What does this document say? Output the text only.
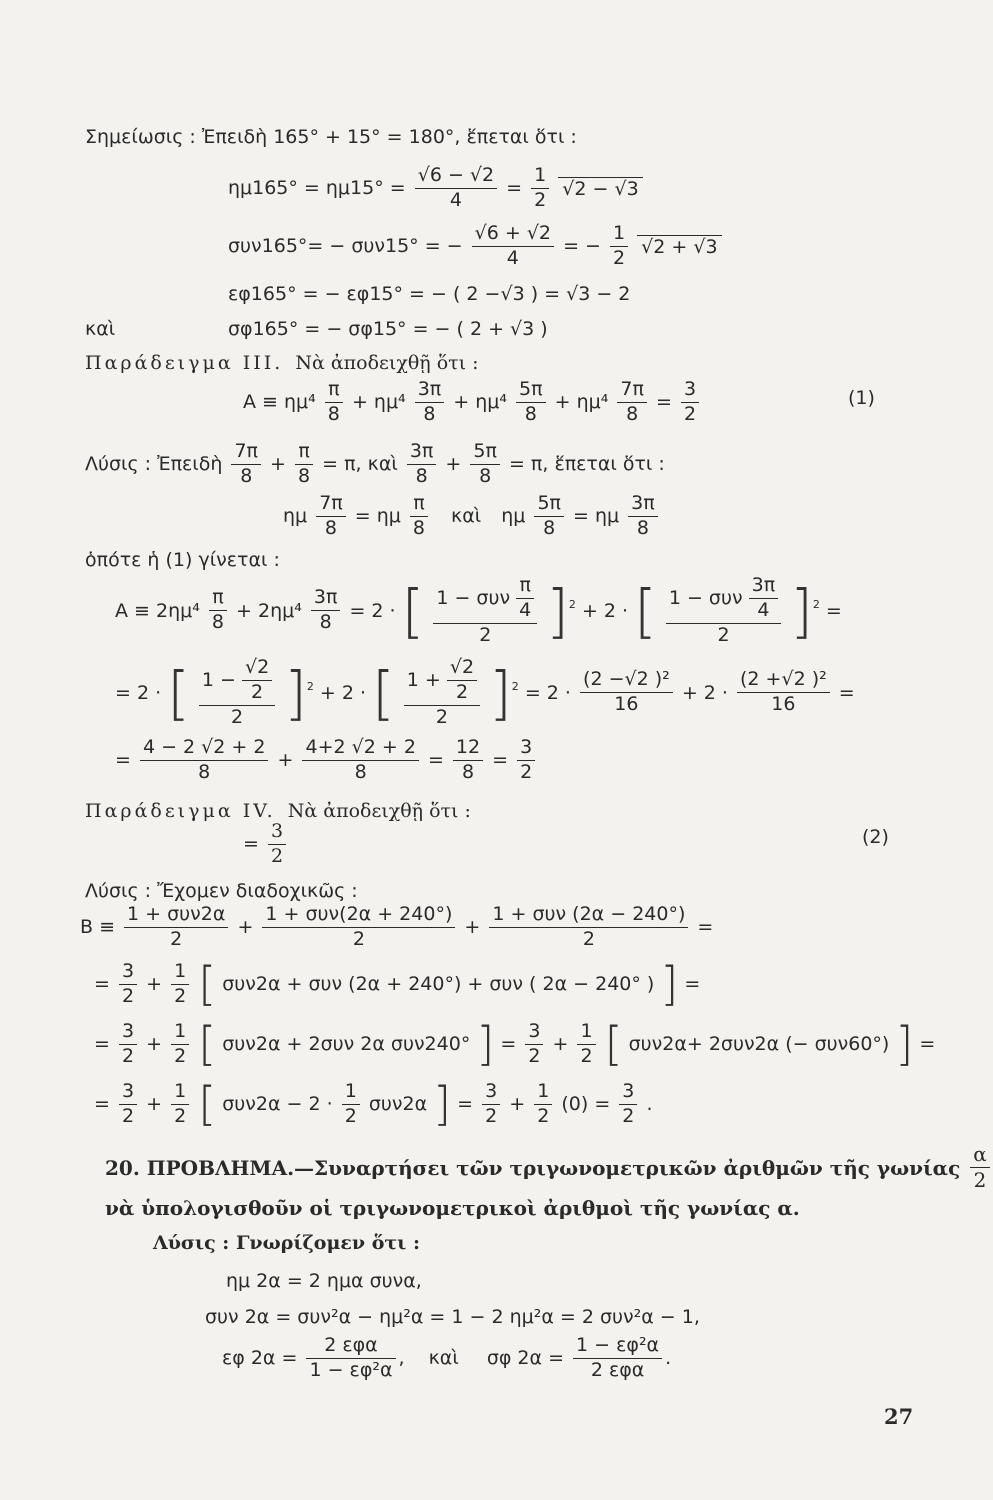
Σημείωσις : Ἐπειδὴ 165° + 15° = 180°, ἕπεται ὅτι :
$\eta\mu 165^\circ = \eta\mu 15^\circ = \frac{√6 - √2}{4} = \frac{1}{2} √2 - √3$
συν165°= − συν15° = − $\frac{√6 + √2}{4}$ = − $\frac{1}{2} √2 + √3$
εφ165° = − εφ15° = − ( 2 −√3 ) = √3 − 2
καὶ	σφ165° = − σφ15° = − ( 2 + √3 )
Παράδειγμα III. Νὰ ἀποδειχθῇ ὅτι :
$A \equiv \eta\mu^4 \frac{\pi}{8} + \eta\mu^4 \frac{3\pi}{8} + \eta\mu^4 \frac{5\pi}{8} + \eta\mu^4 \frac{7\pi}{8} = \frac{3}{2}$	(1)
Λύσις : Ἐπειδὴ $\frac{7\pi}{8} + \frac{\pi}{8} = \pi$, καὶ $\frac{3\pi}{8} + \frac{5\pi}{8} = \pi$, ἕπεται ὅτι :
ημ $\frac{7\pi}{8} = \eta\mu \frac{\pi}{8}$ καὶ ημ $\frac{5\pi}{8} = \eta\mu \frac{3\pi}{8}$
ὁπότε ἡ (1) γίνεται :
$A \equiv 2\eta\mu^4 \frac{\pi}{8} + 2\eta\mu^4 \frac{3\pi}{8} = 2$ · [ 1 − συν $\frac{\pi}{4}$
2 ]$^2$ + 2 · [ 1 − συν $\frac{3\pi}{4}$
2	]$^2$ =
= 2 · [ $\frac{1 - \frac{√2}{2}}{2} ]^2 + 2$ · [ $\frac{1 + \frac{√2}{2}}{2} ]^2 = 2 \cdot \frac{\text{(2 −√2 )²}}{16} + 2 \cdot \frac{\text{(2 +√2 )²}}{16}$ =
= $\frac{4 - 2 √2 + 2}{8} + \frac{4+2 √2 + 2}{8} = \frac{12}{8} = \frac{3}{2}$
Παράδειγμα IV. Νὰ ἀποδειχθῇ ὅτι :
= $\frac{3}{2}$	(2)
Λύσις : Ἔχομεν διαδοχικῶς :
B ≡
1 + συν2α
2
+
1 + συν(2α + 240°)
2
+
1 + συν (2α − 240°)
2
=
= $\frac{3}{2} + \frac{1}{2}$ [ συν2α + συν (2α + 240°) + συν ( 2α − 240° ) ] =
= $\frac{3}{2} + \frac{1}{2}$ [ συν2α + 2συν 2α συν240° ] = $\frac{3}{2} + \frac{1}{2}$ [ συν2α+ 2συν2α (− συν60°) ] =
= $\frac{3}{2} + \frac{1}{2}$ [ $\sigma\upsilon\nu 2\alpha - 2 \cdot \frac{1}{2} \sigma\upsilon\nu 2\alpha$ ] = $\frac{3}{2} + \frac{1}{2} (0) = \frac{3}{2}$ .
20. ΠΡΟΒΛΗΜΑ.—Συναρτήσει τῶν τριγωνομετρικῶν ἀριθμῶν τῆς γωνίας $\frac{\alpha}{2}$
νὰ ὑπολογισθοῦν οἱ τριγωνομετρικοὶ ἀριθμοὶ τῆς γωνίας α.
Λύσις : Γνωρίζομεν ὅτι :
ημ 2α = 2 ημα συνα,
συν 2α = συν²α − ημ²α = 1 − 2 ημ²α = 2 συν²α − 1,
εφ 2α =
2 εφα
1 − εφ²α
, καὶ σφ 2α =
1 − εφ²α
2 εφα
.
27
